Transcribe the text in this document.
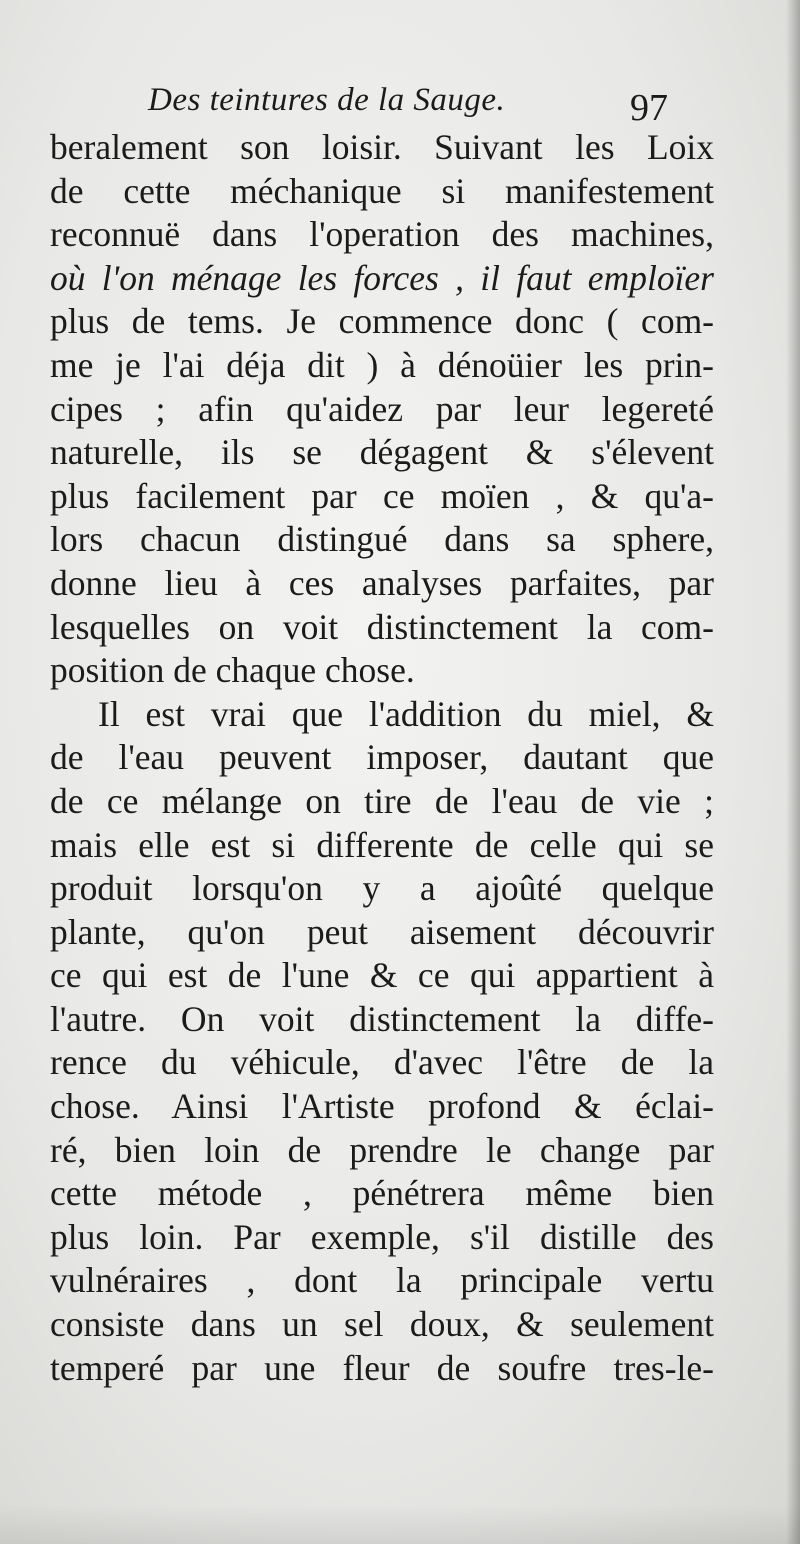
Des teintures de la Sauge.	97
beralement son loisir. Suivant les Loix
de cette méchanique si manifestement
reconnuë dans l'operation des machines,
où l'on ménage les forces , il faut emploïer
plus de tems. Je commence donc ( com-
me je l'ai déja dit ) à dénoüier les prin-
cipes ; afin qu'aidez par leur legereté
naturelle, ils se dégagent & s'élevent
plus facilement par ce moïen , & qu'a-
lors chacun distingué dans sa sphere,
donne lieu à ces analyses parfaites, par
lesquelles on voit distinctement la com-
position de chaque chose.
Il est vrai que l'addition du miel, &
de l'eau peuvent imposer, dautant que
de ce mélange on tire de l'eau de vie ;
mais elle est si differente de celle qui se
produit lorsqu'on y a ajoûté quelque
plante, qu'on peut aisement découvrir
ce qui est de l'une & ce qui appartient à
l'autre. On voit distinctement la diffe-
rence du véhicule, d'avec l'être de la
chose. Ainsi l'Artiste profond & éclai-
ré, bien loin de prendre le change par
cette métode , pénétrera même bien
plus loin. Par exemple, s'il distille des
vulnéraires , dont la principale vertu
consiste dans un sel doux, & seulement
temperé par une fleur de soufre tres-le-
